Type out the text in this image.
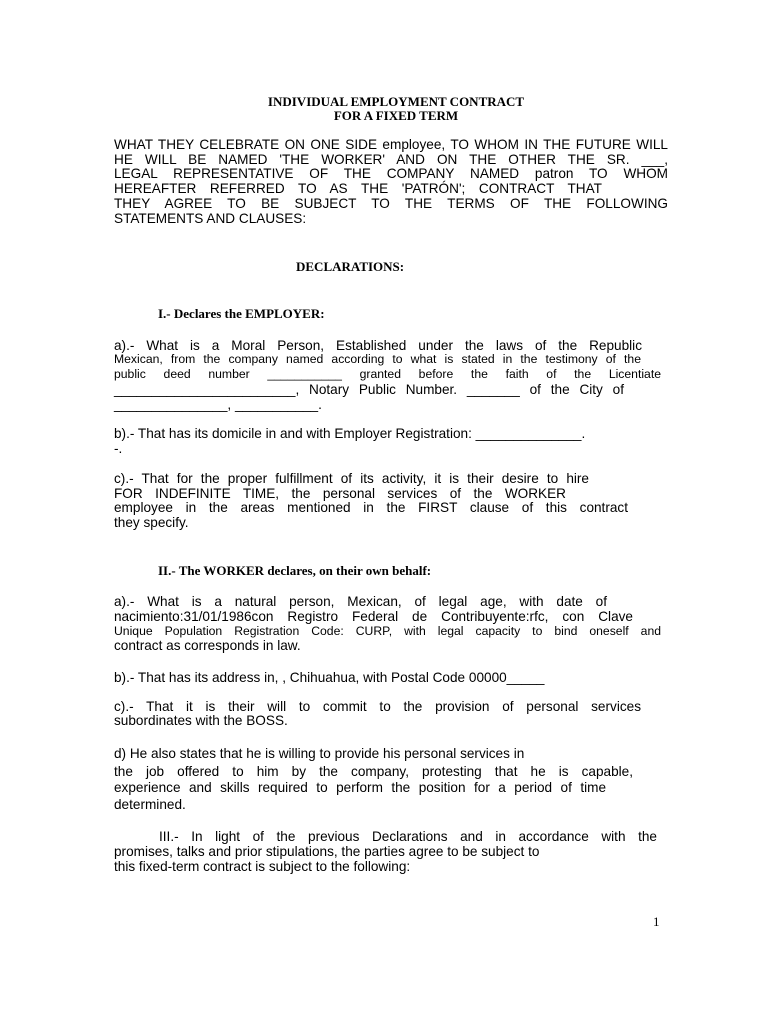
INDIVIDUAL EMPLOYMENT CONTRACT
FOR A FIXED TERM
WHAT THEY CELEBRATE ON ONE SIDE employee, TO WHOM IN THE FUTURE WILL
HE WILL BE NAMED 'THE WORKER' AND ON THE OTHER THE SR. ___,
LEGAL REPRESENTATIVE OF THE COMPANY NAMED patron TO WHOM
HEREAFTER REFERRED TO AS THE 'PATRÓN'; CONTRACT THAT
THEY AGREE TO BE SUBJECT TO THE TERMS OF THE FOLLOWING
STATEMENTS AND CLAUSES:
DECLARATIONS:
I.- Declares the EMPLOYER:
a).- What is a Moral Person, Established under the laws of the Republic
Mexican, from the company named according to what is stated in the testimony of the
public deed number ___________ granted before the faith of the Licentiate
________________________, Notary Public Number. _______ of the City of
_______________, ___________.
b).- That has its domicile in and with Employer Registration: ______________.
-.
c).- That for the proper fulfillment of its activity, it is their desire to hire
FOR INDEFINITE TIME, the personal services of the WORKER
employee in the areas mentioned in the FIRST clause of this contract
they specify.
II.- The WORKER declares, on their own behalf:
a).- What is a natural person, Mexican, of legal age, with date of
nacimiento:31/01/1986con Registro Federal de Contribuyente:rfc, con Clave
Unique Population Registration Code: CURP, with legal capacity to bind oneself and
contract as corresponds in law.
b).- That has its address in, , Chihuahua, with Postal Code 00000_____
c).- That it is their will to commit to the provision of personal services
subordinates with the BOSS.
d) He also states that he is willing to provide his personal services in
the job offered to him by the company, protesting that he is capable,
experience and skills required to perform the position for a period of time
determined.
III.- In light of the previous Declarations and in accordance with the
promises, talks and prior stipulations, the parties agree to be subject to
this fixed-term contract is subject to the following:
1
